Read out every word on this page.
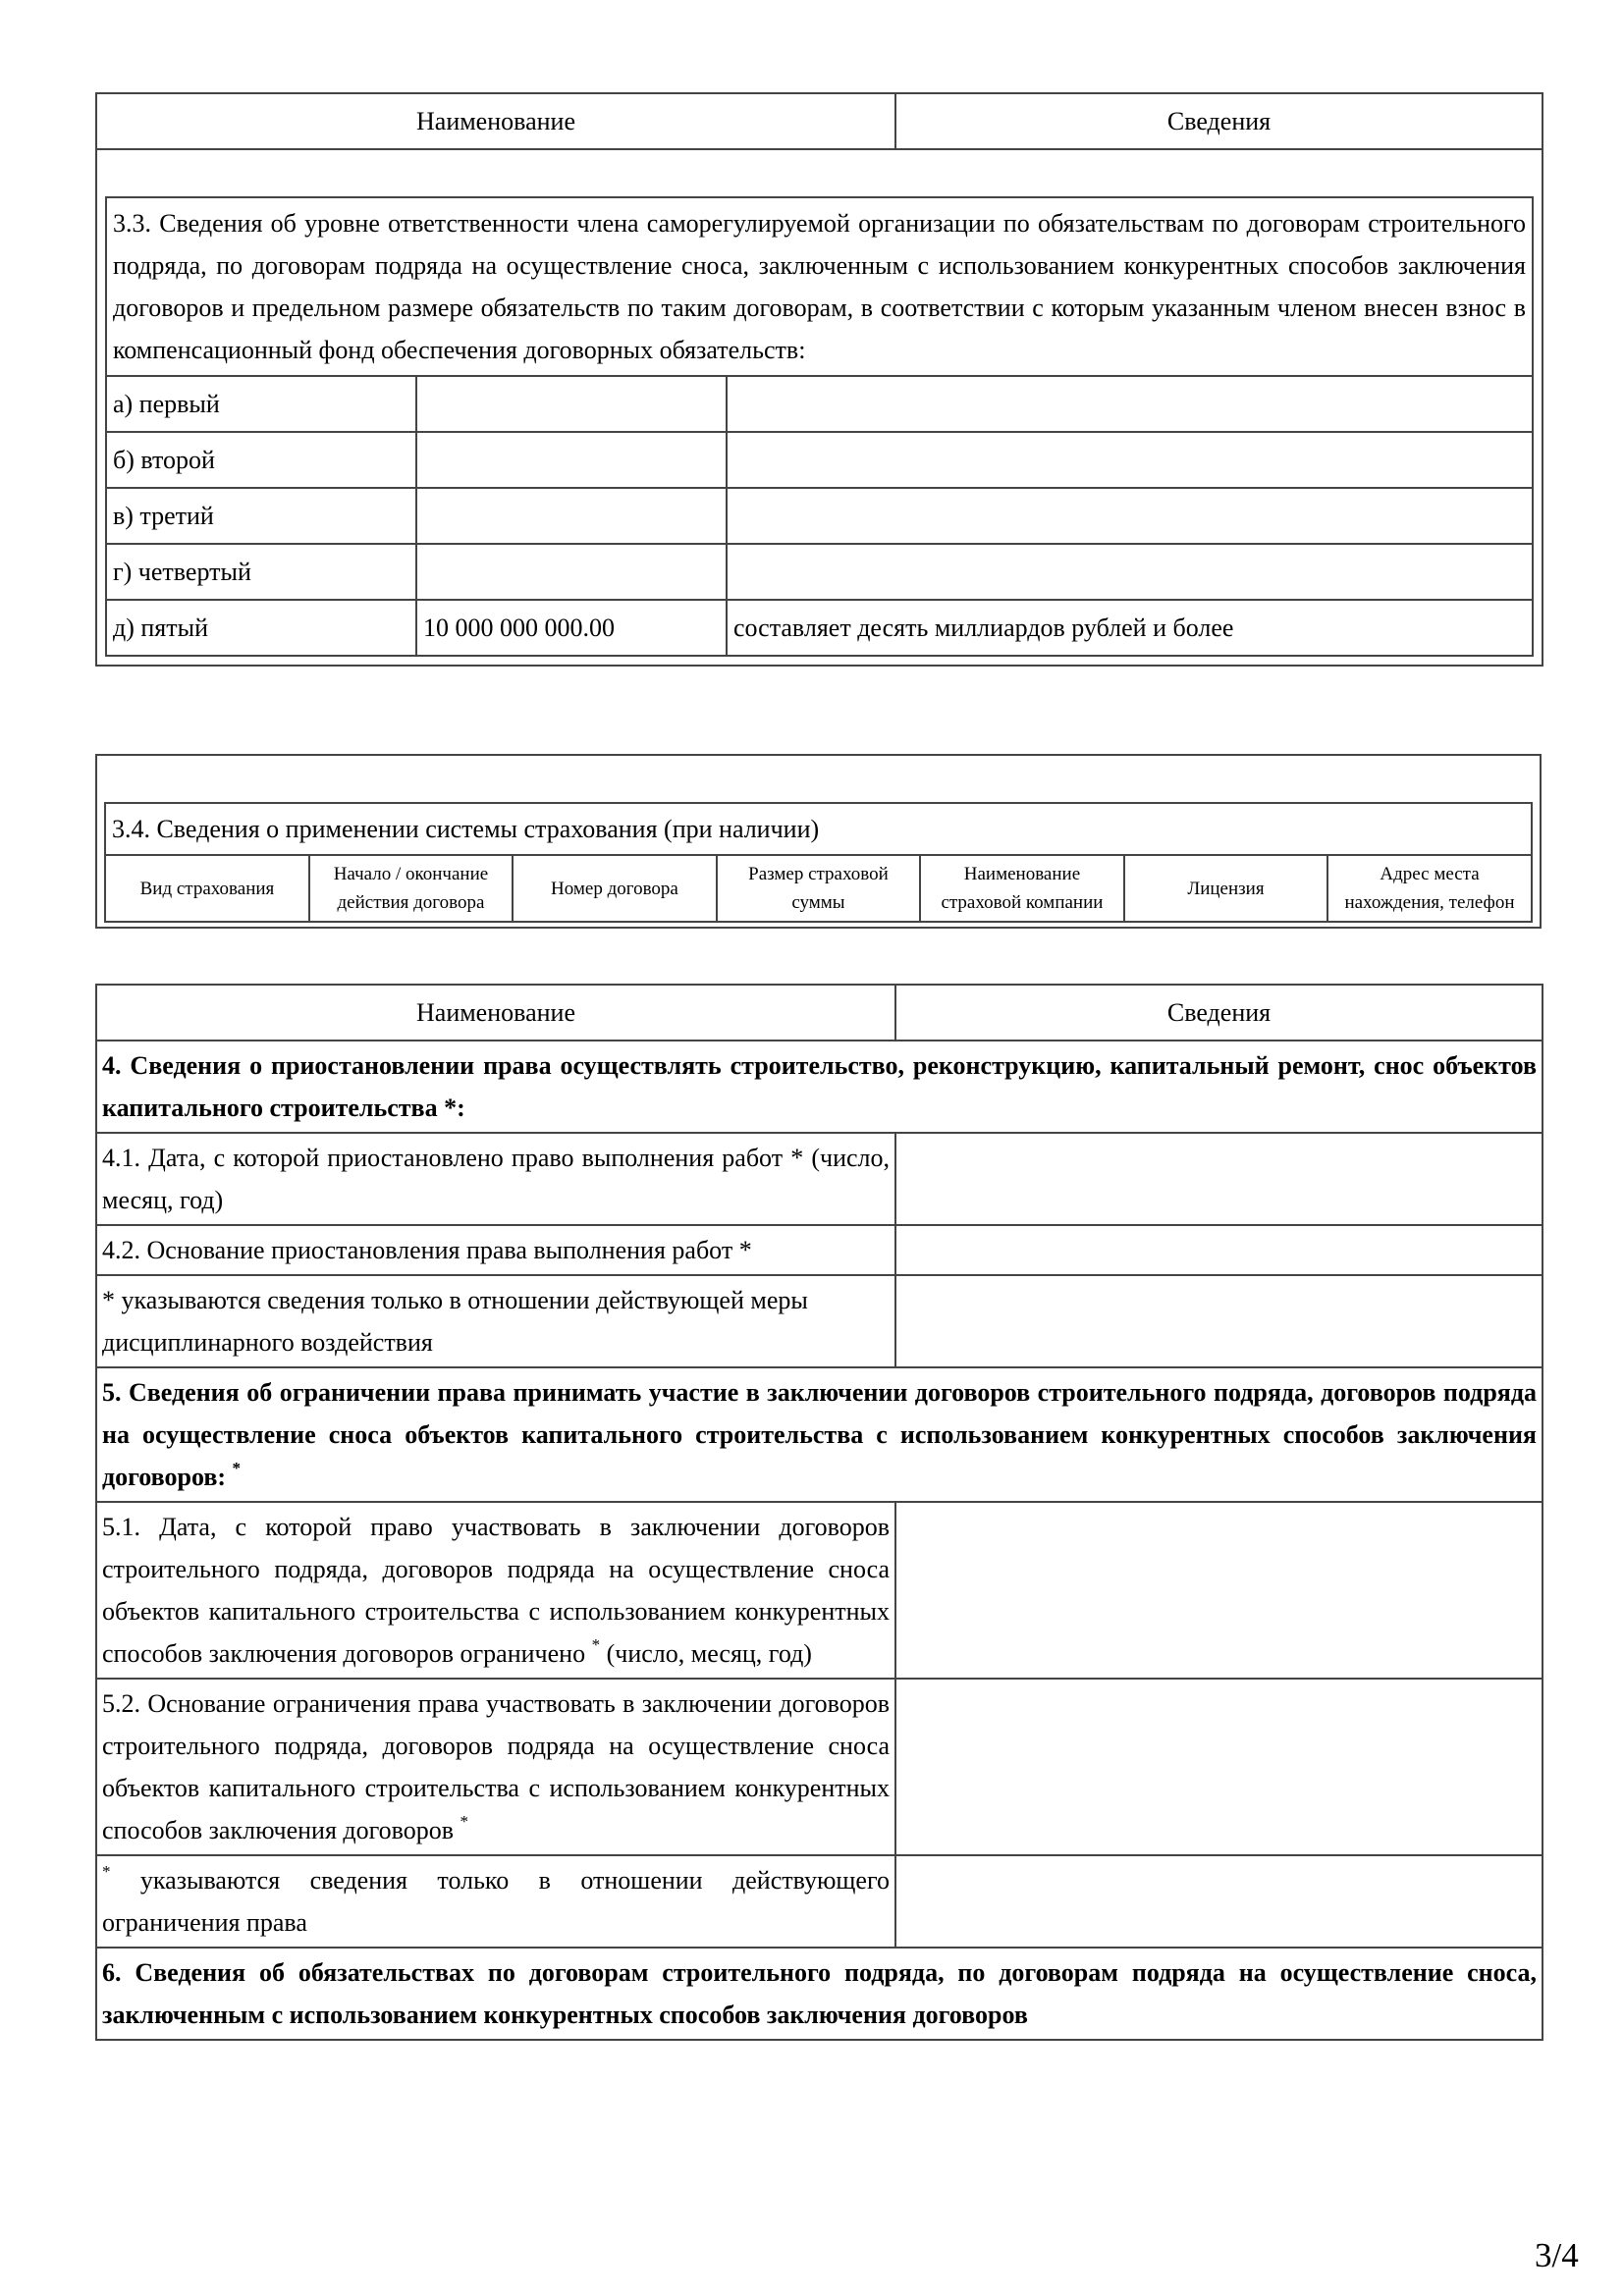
Наименование	Сведения

3.3. Сведения об уровне ответственности члена саморегулируемой организации по обязательствам по договорам строительного подряда, по договорам подряда на осуществление сноса, заключенным с использованием конкурентных способов заключения договоров и предельном размере обязательств по таким договорам, в соответствии с которым указанным членом внесен взнос в компенсационный фонд обеспечения договорных обязательств:
а) первый		
б) второй		
в) третий		
г) четвертый		
д) пятый	10 000 000 000.00	составляет десять миллиардов рублей и более

3.4. Сведения о применении системы страхования (при наличии)
Вид страхования	Начало / окончание действия договора	Номер договора	Размер страховой суммы	Наименование страховой компании	Лицензия	Адрес места нахождения, телефон
Наименование	Сведения
4. Сведения о приостановлении права осуществлять строительство, реконструкцию, капитальный ремонт, снос объектов капитального строительства *:	
4.1. Дата, с которой приостановлено право выполнения работ * (число, месяц, год)	
4.2. Основание приостановления права выполнения работ *	
* указываются сведения только в отношении действующей меры дисциплинарного воздействия	
5. Сведения об ограничении права принимать участие в заключении договоров строительного подряда, договоров подряда на осуществление сноса объектов капитального строительства с использованием конкурентных способов заключения договоров: *
5.1. Дата, с которой право участвовать в заключении договоров строительного подряда, договоров подряда на осуществление сноса объектов капитального строительства с использованием конкурентных способов заключения договоров ограничено * (число, месяц, год)	
5.2. Основание ограничения права участвовать в заключении договоров строительного подряда, договоров подряда на осуществление сноса объектов капитального строительства с использованием конкурентных способов заключения договоров *	
* указываются сведения только в отношении действующего ограничения права	
6. Сведения об обязательствах по договорам строительного подряда, по договорам подряда на осуществление сноса, заключенным с использованием конкурентных способов заключения договоров	
3/4
